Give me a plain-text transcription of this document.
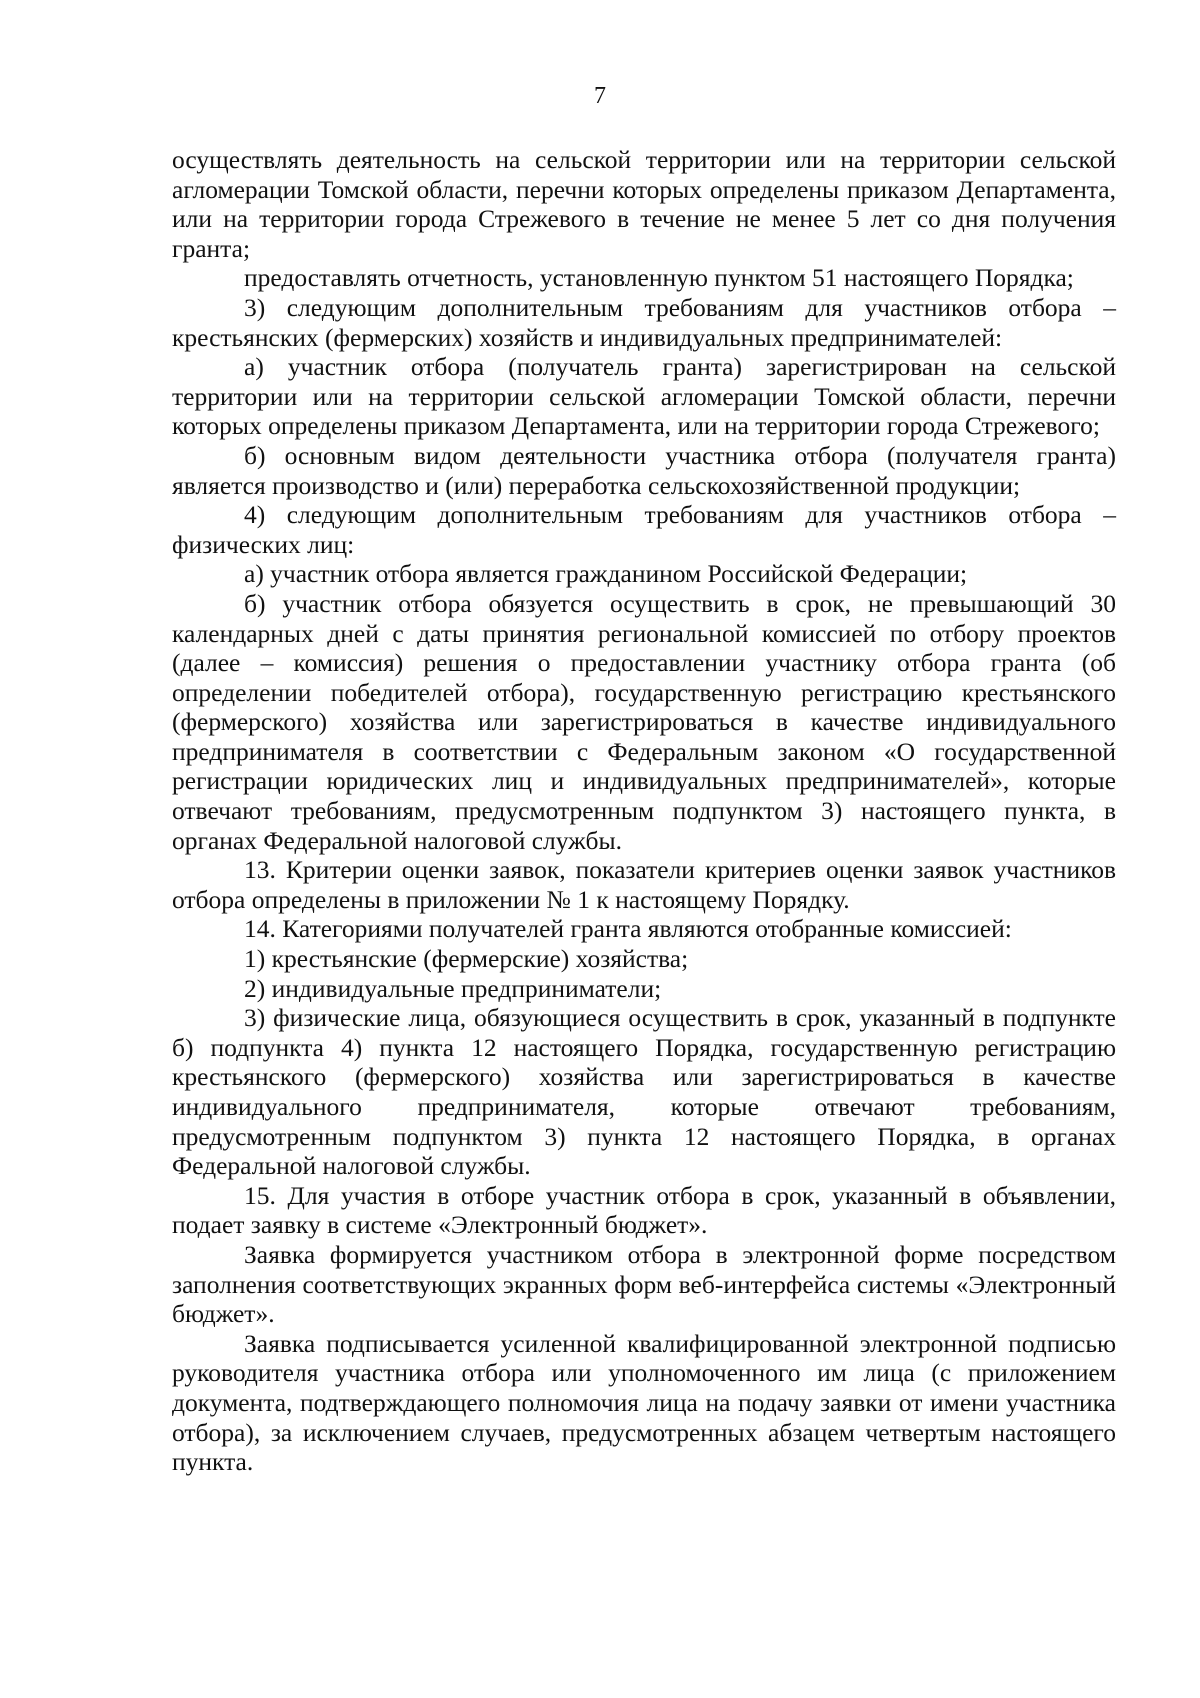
7

осуществлять деятельность на сельской территории или на территории сельской агломерации Томской области, перечни которых определены приказом Департамента, или на территории города Стрежевого в течение не менее 5 лет со дня получения гранта;

предоставлять отчетность, установленную пунктом 51 настоящего Порядка;

3) следующим дополнительным требованиям для участников отбора – крестьянских (фермерских) хозяйств и индивидуальных предпринимателей:

а) участник отбора (получатель гранта) зарегистрирован на сельской территории или на территории сельской агломерации Томской области, перечни которых определены приказом Департамента, или на территории города Стрежевого;

б) основным видом деятельности участника отбора (получателя гранта) является производство и (или) переработка сельскохозяйственной продукции;

4) следующим дополнительным требованиям для участников отбора – физических лиц:

а) участник отбора является гражданином Российской Федерации;

б) участник отбора обязуется осуществить в срок, не превышающий 30 календарных дней с даты принятия региональной комиссией по отбору проектов (далее – комиссия) решения о предоставлении участнику отбора гранта (об определении победителей отбора), государственную регистрацию крестьянского (фермерского) хозяйства или зарегистрироваться в качестве индивидуального предпринимателя в соответствии с Федеральным законом «О государственной регистрации юридических лиц и индивидуальных предпринимателей», которые отвечают требованиям, предусмотренным подпунктом 3) настоящего пункта, в органах Федеральной налоговой службы.

13. Критерии оценки заявок, показатели критериев оценки заявок участников отбора определены в приложении № 1 к настоящему Порядку.

14. Категориями получателей гранта являются отобранные комиссией:

1) крестьянские (фермерские) хозяйства;

2) индивидуальные предприниматели;

3) физические лица, обязующиеся осуществить в срок, указанный в подпункте б) подпункта 4) пункта 12 настоящего Порядка, государственную регистрацию крестьянского (фермерского) хозяйства или зарегистрироваться в качестве индивидуального предпринимателя, которые отвечают требованиям, предусмотренным подпунктом 3) пункта 12 настоящего Порядка, в органах Федеральной налоговой службы.

15. Для участия в отборе участник отбора в срок, указанный в объявлении, подает заявку в системе «Электронный бюджет».

Заявка формируется участником отбора в электронной форме посредством заполнения соответствующих экранных форм веб-интерфейса системы «Электронный бюджет».

Заявка подписывается усиленной квалифицированной электронной подписью руководителя участника отбора или уполномоченного им лица (с приложением документа, подтверждающего полномочия лица на подачу заявки от имени участника отбора), за исключением случаев, предусмотренных абзацем четвертым настоящего пункта.
